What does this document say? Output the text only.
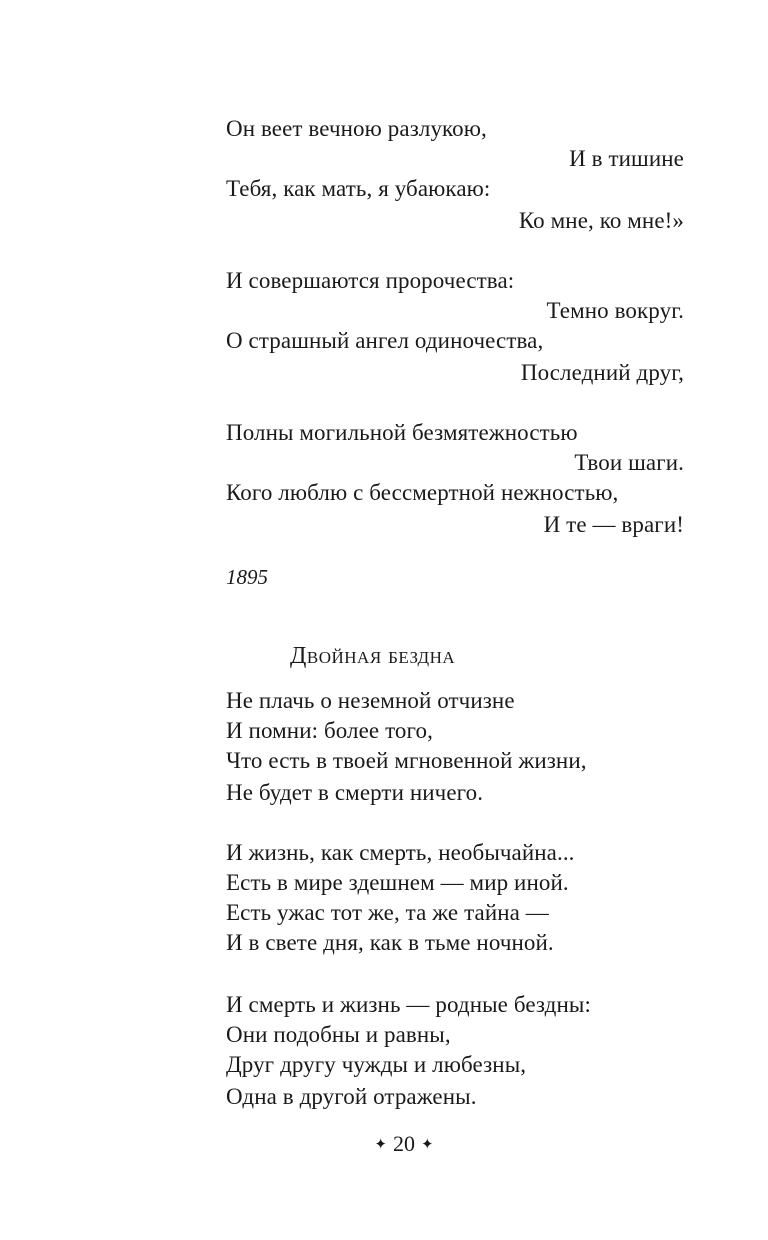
Он веет вечною разлукою,
И в тишине
Тебя, как мать, я убаюкаю:
Ко мне, ко мне!»
И совершаются пророчества:
Темно вокруг.
О страшный ангел одиночества,
Последний друг,
Полны могильной безмятежностью
Твои шаги.
Кого люблю с бессмертной нежностью,
И те — враги!
1895
Двойная бездна
Не плачь о неземной отчизне
И помни: более того,
Что есть в твоей мгновенной жизни,
Не будет в смерти ничего.
И жизнь, как смерть, необычайна...
Есть в мире здешнем — мир иной.
Есть ужас тот же, та же тайна —
И в свете дня, как в тьме ночной.
И смерть и жизнь — родные бездны:
Они подобны и равны,
Друг другу чужды и любезны,
Одна в другой отражены.
✦ 20 ✦
